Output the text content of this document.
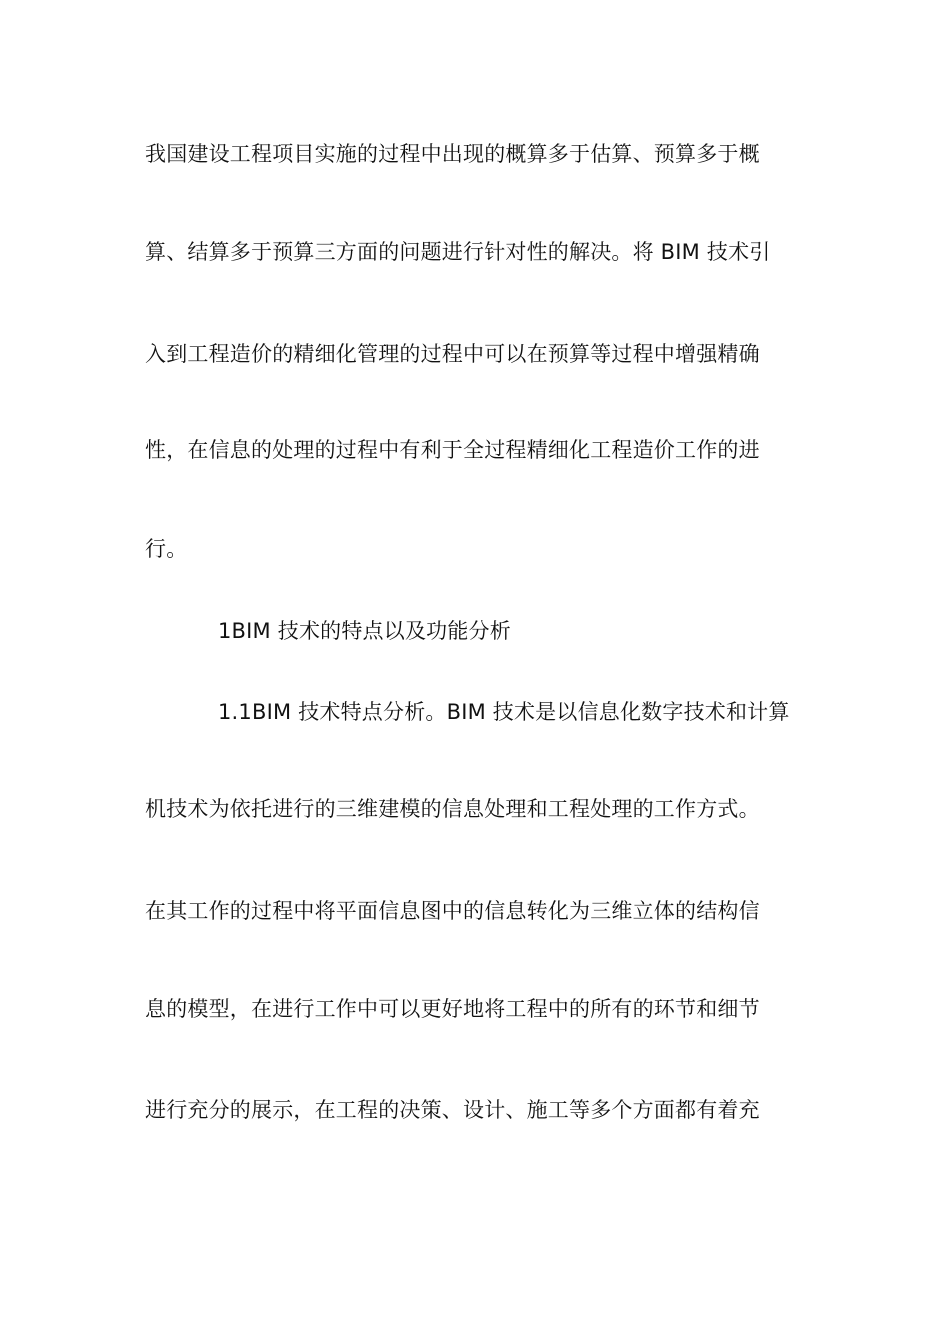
我国建设工程项目实施的过程中出现的概算多于估算、预算多于概
算、结算多于预算三方面的问题进行针对性的解决。将 BIM 技术引
入到工程造价的精细化管理的过程中可以在预算等过程中增强精确
性，在信息的处理的过程中有利于全过程精细化工程造价工作的进
行。
1BIM 技术的特点以及功能分析
1.1BIM 技术特点分析。BIM 技术是以信息化数字技术和计算
机技术为依托进行的三维建模的信息处理和工程处理的工作方式。
在其工作的过程中将平面信息图中的信息转化为三维立体的结构信
息的模型，在进行工作中可以更好地将工程中的所有的环节和细节
进行充分的展示，在工程的决策、设计、施工等多个方面都有着充
